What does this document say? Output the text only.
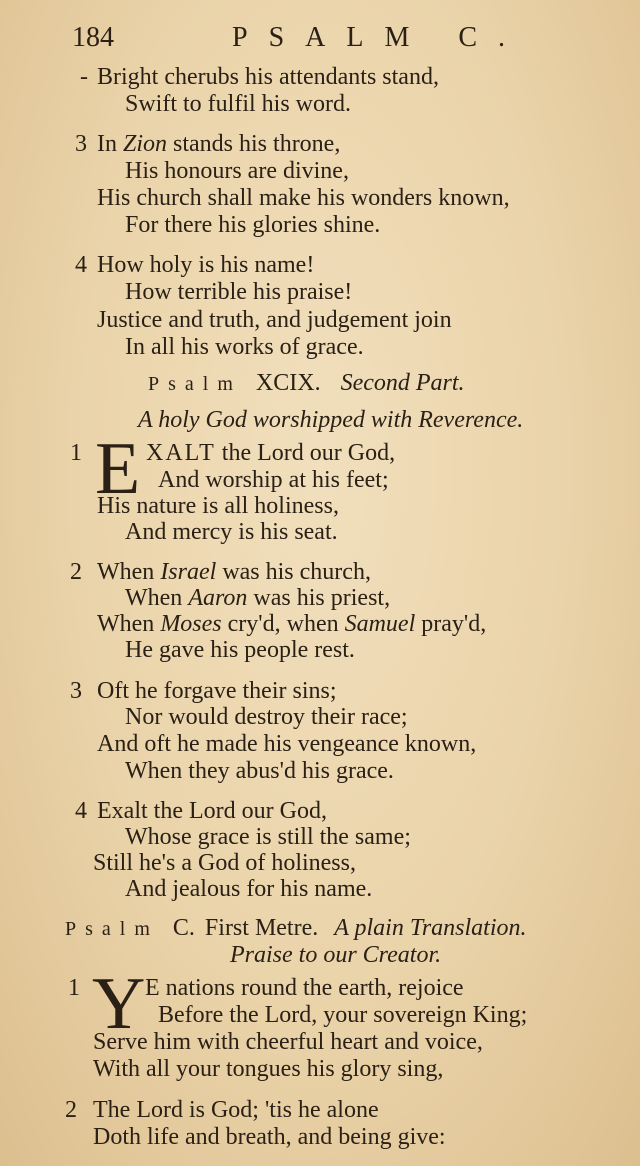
184	PSALM C.
- Bright cherubs his attendants stand,
Swift to fulfil his word.
3 In Zion stands his throne,
His honours are divine,
His church shall make his wonders known,
For there his glories shine.
4 How holy is his name!
How terrible his praise!
Justice and truth, and judgement join
In all his works of grace.
Psalm XCIX. Second Part.
A holy God worshipped with Reverence.
1 E XALT the Lord our God,
And worship at his feet;
His nature is all holiness,
And mercy is his seat.
2 When Israel was his church,
When Aaron was his priest,
When Moses cry'd, when Samuel pray'd,
He gave his people rest.
3 Oft he forgave their sins;
Nor would destroy their race;
And oft he made his vengeance known,
When they abus'd his grace.
4 Exalt the Lord our God,
Whose grace is still the same;
Still he's a God of holiness,
And jealous for his name.
Psalm C. First Metre. A plain Translation.
Praise to our Creator.
1 Y E nations round the earth, rejoice
Before the Lord, your sovereign King;
Serve him with cheerful heart and voice,
With all your tongues his glory sing,
2 The Lord is God; 'tis he alone
Doth life and breath, and being give:
